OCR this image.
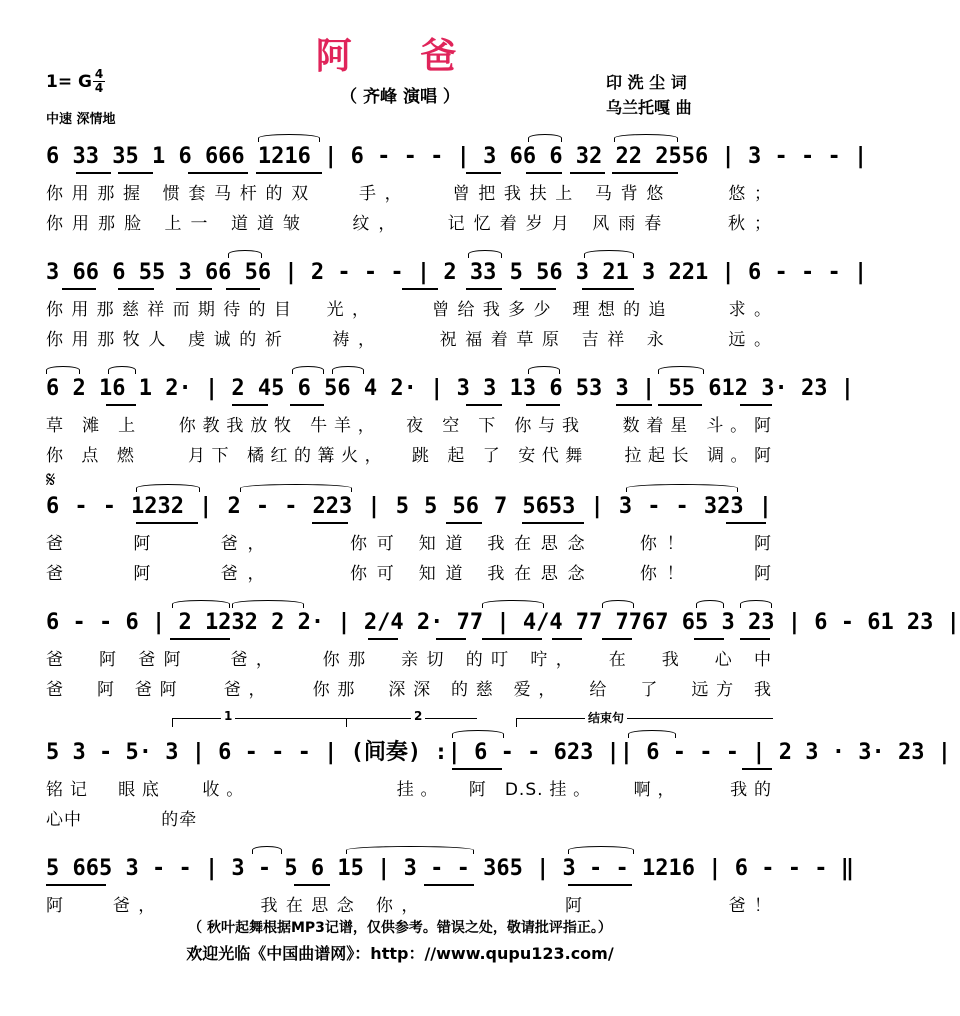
阿 爸
（ 齐峰 演唱 ）
印 洗 尘 词
乌兰托嘎 曲
1= G $\frac{4}{4}$
中速 深情地
6 33 35 1 6 666 1216 | 6 - - - | 3 66 6 32 22 2556 | 3 - - - |
你用那握 惯套马杆的双   手，   曾把我扶上 马背悠    悠；
你用那脸 上一 道道皱   纹，   记忆着岁月 风雨春    秋；
3 66 6 55 3 66 56 | 2 - - - | 2 33 5 56 3 21 3 221 | 6 - - - |
你用那慈祥而期待的目  光，    曾给我多少 理想的追    求。
你用那牧人 虔诚的祈   祷，    祝福着草原 吉祥 永    远。
6 2 16 1 2· | 2 45 6 56 4 2· | 3 3 13 6 53 3 | 55 612 3· 23 |
草 滩 上   你教我放牧 牛羊，  夜 空 下 你与我   数着星 斗。阿
你 点 燃    月下 橘红的篝火，  跳 起 了 安代舞   拉起长 调。阿
𝄋
6 - - 1232 | 2 - - 223 | 5 5 56 7 5653 | 3 - - 323 |
爸    阿    爸，     你可 知道 我在思念   你！    阿
爸    阿    爸，     你可 知道 我在思念   你！    阿
6 - - 6 | 2 1232 2 2· | 2/4 2· 77 | 4/4 77 7767 65 3 23 | 6 - 61 23 |
爸  阿 爸阿   爸，   你那  亲切 的叮 咛，  在  我  心 中
爸  阿 爸阿   爸，   你那  深深 的慈 爱，  给  了  远方 我
1	2	结束句
5 3 - 5· 3 | 6 - - - | (间奏) :| 6 - - 623 || 6 - - - | 2 3 · 3· 23 |
铭记  眼底   收。            挂。  阿 D.S.挂。   啊，    我的
心中   的牵
5 665 3 - - | 3 - 5 6 15 | 3 - - 365 | 3 - - 1216 | 6 - - - ‖
阿   爸，       我在思念 你，          阿          爸！
（ 秋叶起舞根据MP3记谱，仅供参考。错误之处，敬请批评指正。）
欢迎光临《中国曲谱网》：http：//www.qupu123.com/
